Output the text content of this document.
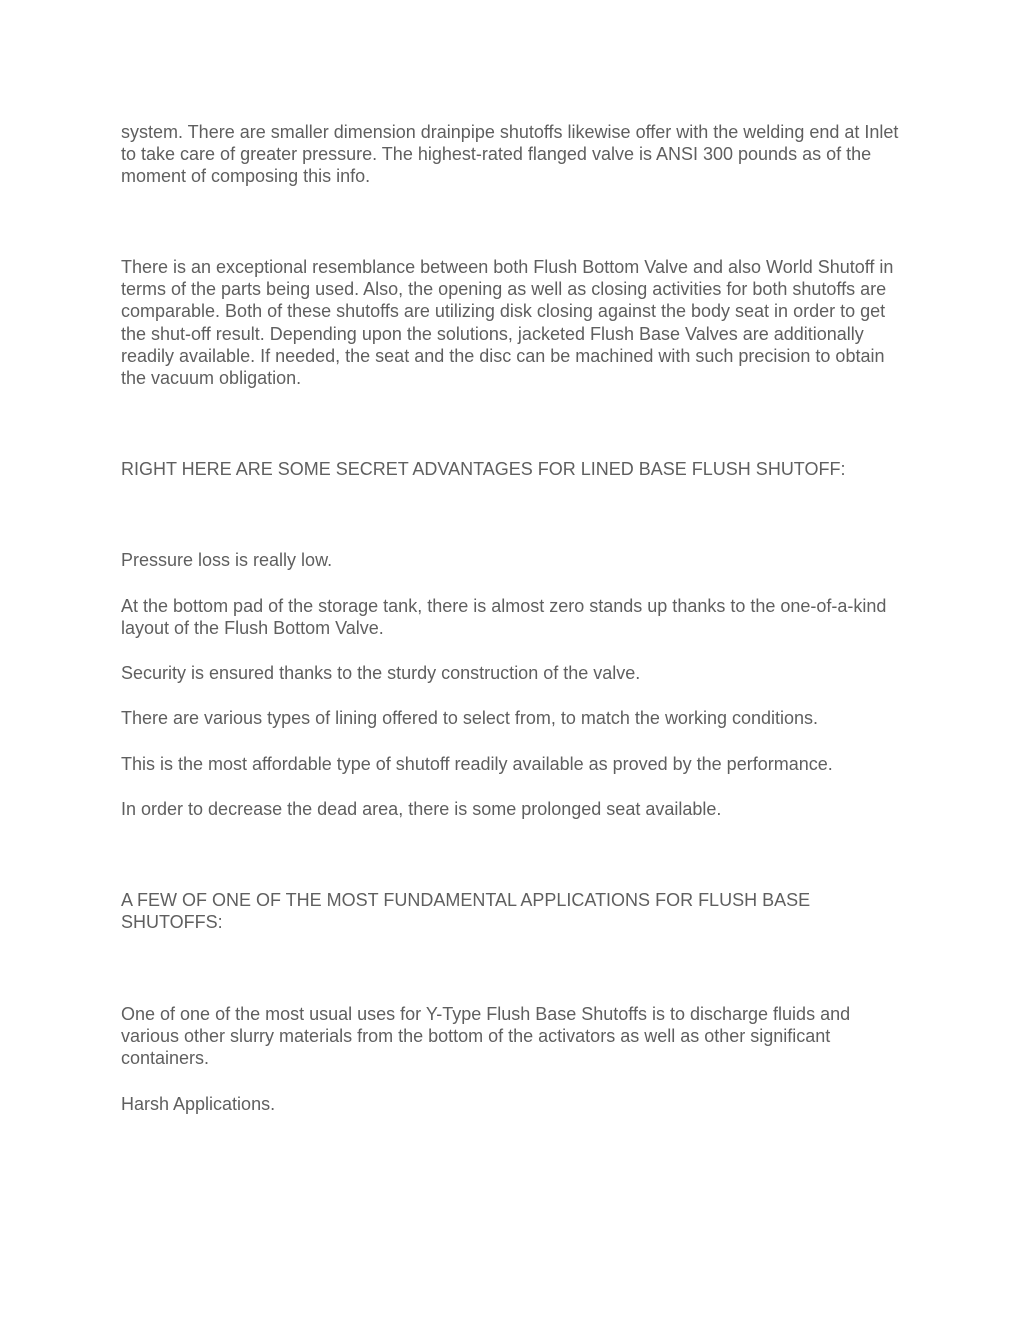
system. There are smaller dimension drainpipe shutoffs likewise offer with the welding end at Inlet to take care of greater pressure. The highest-rated flanged valve is ANSI 300 pounds as of the moment of composing this info.

There is an exceptional resemblance between both Flush Bottom Valve and also World Shutoff in terms of the parts being used. Also, the opening as well as closing activities for both shutoffs are comparable. Both of these shutoffs are utilizing disk closing against the body seat in order to get the shut-off result. Depending upon the solutions, jacketed Flush Base Valves are additionally readily available. If needed, the seat and the disc can be machined with such precision to obtain the vacuum obligation.

RIGHT HERE ARE SOME SECRET ADVANTAGES FOR LINED BASE FLUSH SHUTOFF:

Pressure loss is really low.

At the bottom pad of the storage tank, there is almost zero stands up thanks to the one-of-a-kind layout of the Flush Bottom Valve.

Security is ensured thanks to the sturdy construction of the valve.

There are various types of lining offered to select from, to match the working conditions.

This is the most affordable type of shutoff readily available as proved by the performance.

In order to decrease the dead area, there is some prolonged seat available.

A FEW OF ONE OF THE MOST FUNDAMENTAL APPLICATIONS FOR FLUSH BASE SHUTOFFS:

One of one of the most usual uses for Y-Type Flush Base Shutoffs is to discharge fluids and various other slurry materials from the bottom of the activators as well as other significant containers.

Harsh Applications.
